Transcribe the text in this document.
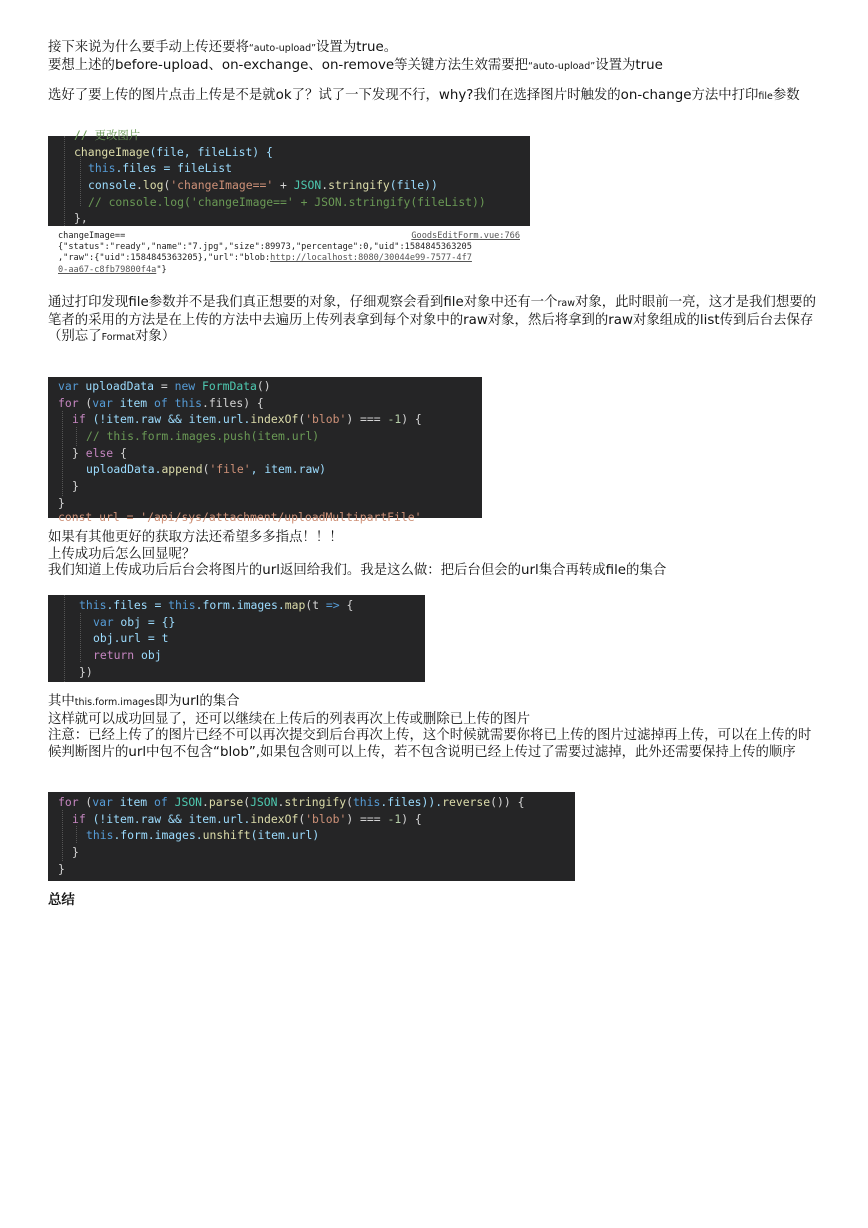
接下来说为什么要手动上传还要将“auto-upload”设置为true。
要想上述的before-upload、on-exchange、on-remove等关键方法生效需要把“auto-upload”设置为true

选好了要上传的图片点击上传是不是就ok了？试了一下发现不行，why?我们在选择图片时触发的on-change方法中打印file参数

// 更改图片
changeImage(file, fileList) {
this.files = fileList
console.log('changeImage==' + JSON.stringify(file))
// console.log('changeImage==' + JSON.stringify(fileList))
},
changeImage==	GoodsEditForm.vue:766
{"status":"ready","name":"7.jpg","size":89973,"percentage":0,"uid":1584845363205
,"raw":{"uid":1584845363205},"url":"blob:http://localhost:8080/30044e99-7577-4f7
0-aa67-c8fb79800f4a"}

通过打印发现file参数并不是我们真正想要的对象，仔细观察会看到file对象中还有一个raw对象，此时眼前一亮，这才是我们想要的
笔者的采用的方法是在上传的方法中去遍历上传列表拿到每个对象中的raw对象，然后将拿到的raw对象组成的list传到后台去保存（别忘了Format对象）

var uploadData = new FormData()
for (var item of this.files) {
if (!item.raw && item.url.indexOf('blob') === -1) {
// this.form.images.push(item.url)
} else {
uploadData.append('file', item.raw)
}
}
const url = '/api/sys/attachment/uploadMultipartFile'

如果有其他更好的获取方法还希望多多指点！！！
上传成功后怎么回显呢？
我们知道上传成功后后台会将图片的url返回给我们。我是这么做：把后台但会的url集合再转成file的集合

this.files = this.form.images.map(t => {
var obj = {}
obj.url = t
return obj
})

其中this.form.images即为url的集合
这样就可以成功回显了，还可以继续在上传后的列表再次上传或删除已上传的图片
注意：已经上传了的图片已经不可以再次提交到后台再次上传，这个时候就需要你将已上传的图片过滤掉再上传，可以在上传的时候判断图片的url中包不包含“blob”,如果包含则可以上传，若不包含说明已经上传过了需要过滤掉，此外还需要保持上传的顺序

for (var item of JSON.parse(JSON.stringify(this.files)).reverse()) {
if (!item.raw && item.url.indexOf('blob') === -1) {
this.form.images.unshift(item.url)
}
}

总结
